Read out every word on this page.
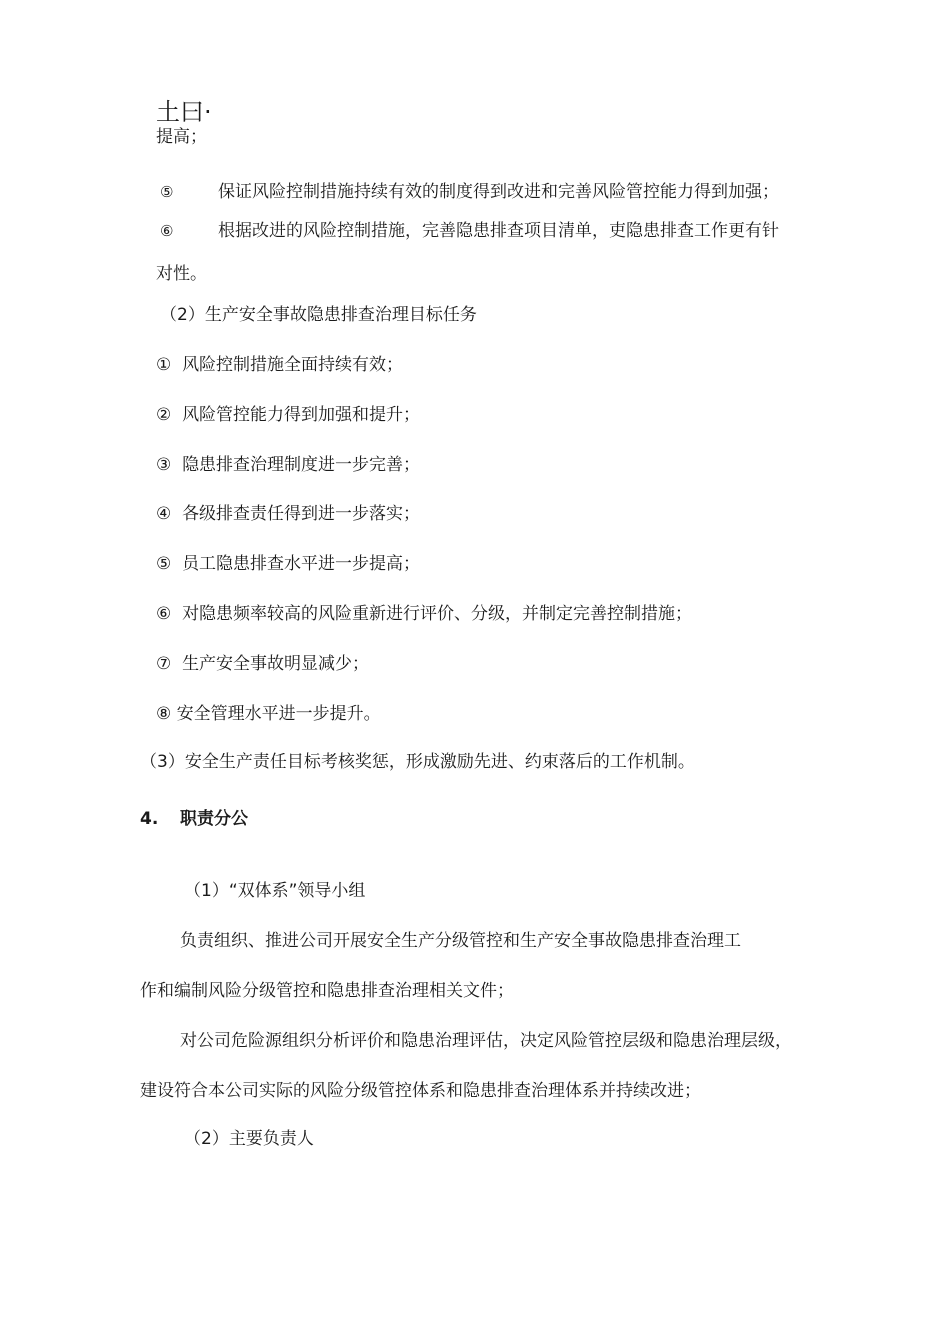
土曰·
提高；
⑤	保证风险控制措施持续有效的制度得到改进和完善风险管控能力得到加强；
⑥	根据改进的风险控制措施，完善隐患排查项目清单，吏隐患排查工作更有针
对性。
（2）生产安全事故隐患排查治理目标任务
① 风险控制措施全面持续有效；
② 风险管控能力得到加强和提升；
③ 隐患排查治理制度进一步完善；
④ 各级排查责任得到进一步落实；
⑤ 员工隐患排查水平进一步提高；
⑥ 对隐患频率较高的风险重新进行评价、分级，并制定完善控制措施；
⑦ 生产安全事故明显减少；
⑧ 安全管理水平进一步提升。
（3）安全生产责任目标考核奖惩，形成激励先进、约束落后的工作机制。
4. 职责分公
（1）“双体系”领导小组
负责组织、推进公司开展安全生产分级管控和生产安全事故隐患排查治理工
作和编制风险分级管控和隐患排查治理相关文件；
对公司危险源组织分析评价和隐患治理评估，决定风险管控层级和隐患治理层级，
建设符合本公司实际的风险分级管控体系和隐患排查治理体系并持续改进；
（2）主要负责人
